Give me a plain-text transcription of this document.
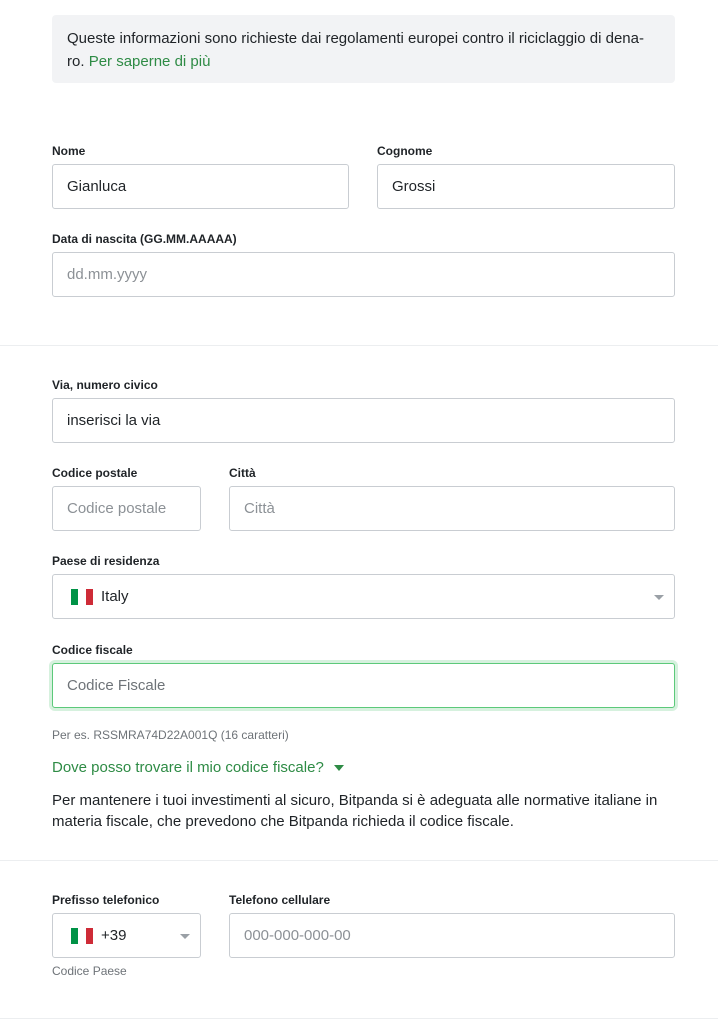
Queste informazioni sono richieste dai regolamenti europei contro il riciclaggio di dena-ro. Per saperne di più
Nome
Gianluca	Cognome
Grossi
Data di nascita (GG.MM.AAAAA)
dd.mm.yyyy
Via, numero civico
inserisci la via
Codice postale
Codice postale	Città
Città
Paese di residenza
Italy
Codice fiscale
Codice Fiscale
Per es. RSSMRA74D22A001Q (16 caratteri)
Dove posso trovare il mio codice fiscale?
Per mantenere i tuoi investimenti al sicuro, Bitpanda si è adeguata alle normative italiane in materia fiscale, che prevedono che Bitpanda richieda il codice fiscale.
Prefisso telefonico
+39
Codice Paese
Telefono cellulare
000-000-000-00
